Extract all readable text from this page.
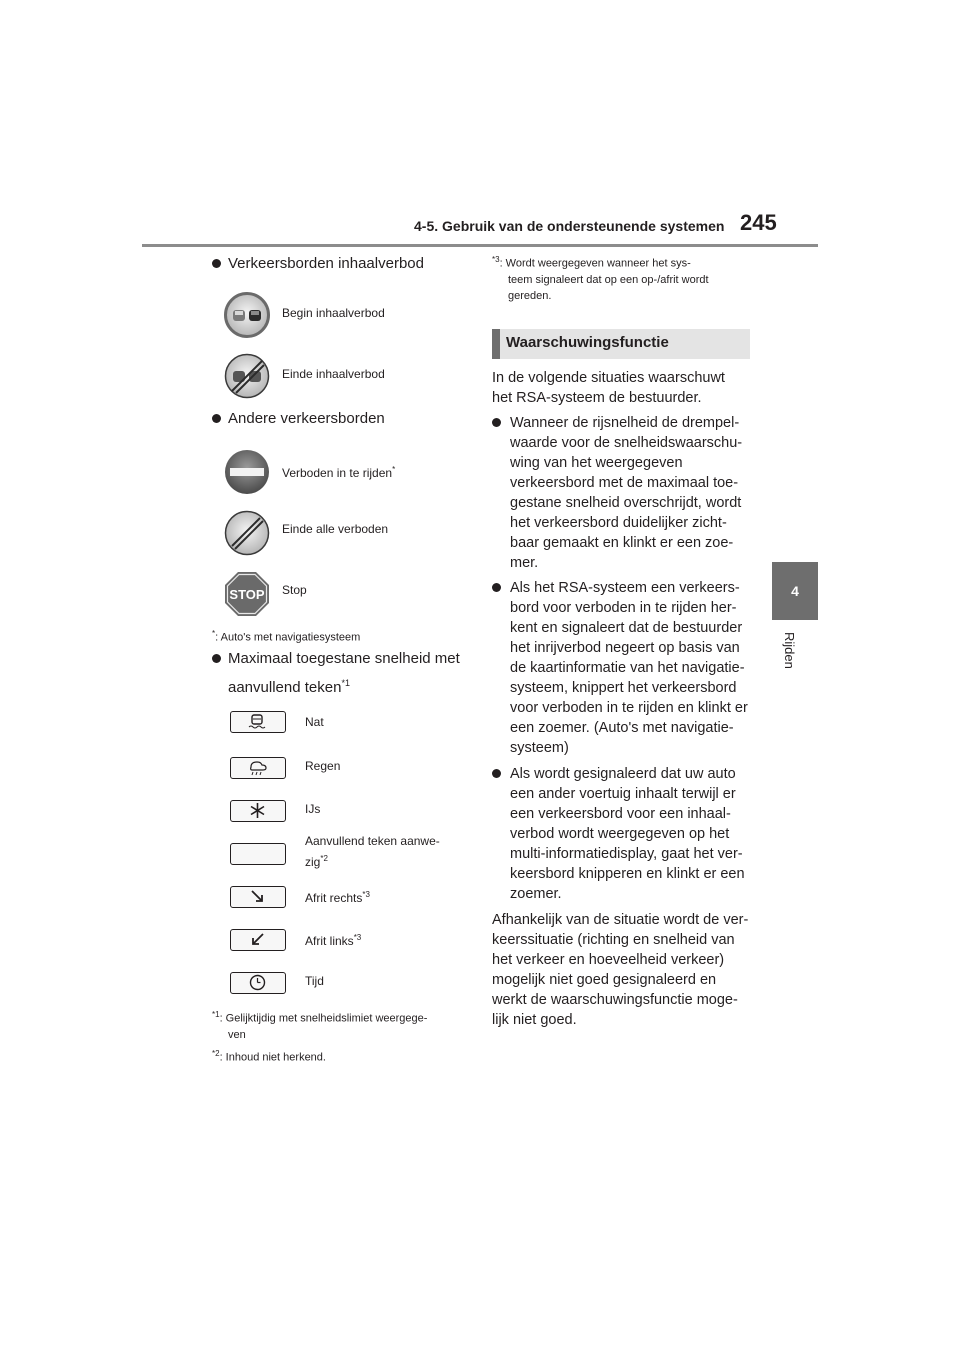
4-5. Gebruik van de ondersteunende systemen 245
4
Rijden
Verkeersborden inhaalverbod
Begin inhaalverbod
Einde inhaalverbod
Andere verkeersborden
Verboden in te rijden*
Einde alle verboden
STOP Stop
*: Auto's met navigatiesysteem
Maximaal toegestane snelheid met
aanvullend teken$^{*1}$
Nat
Regen
IJs
Aanvullend teken aanwe-
zig$^{*2}$
Afrit rechts$^{*3}$
Afrit links$^{*3}$
Tijd
$^{*1}$: Gelijktijdig met snelheidslimiet weergege-
ven
$^{*2}$: Inhoud niet herkend.
$^{*3}$: Wordt weergegeven wanneer het sys-
teem signaleert dat op een op-/afrit wordt
gereden.
Waarschuwingsfunctie
In de volgende situaties waarschuwt
het RSA-systeem de bestuurder.
Wanneer de rijsnelheid de drempel-
waarde voor de snelheidswaarschu-
wing van het weergegeven
verkeersbord met de maximaal toe-
gestane snelheid overschrijdt, wordt
het verkeersbord duidelijker zicht-
baar gemaakt en klinkt er een zoe-
mer.
Als het RSA-systeem een verkeers-
bord voor verboden in te rijden her-
kent en signaleert dat de bestuurder
het inrijverbod negeert op basis van
de kaartinformatie van het navigatie-
systeem, knippert het verkeersbord
voor verboden in te rijden en klinkt er
een zoemer. (Auto's met navigatie-
systeem)
Als wordt gesignaleerd dat uw auto
een ander voertuig inhaalt terwijl er
een verkeersbord voor een inhaal-
verbod wordt weergegeven op het
multi-informatiedisplay, gaat het ver-
keersbord knipperen en klinkt er een
zoemer.
Afhankelijk van de situatie wordt de ver-
keerssituatie (richting en snelheid van
het verkeer en hoeveelheid verkeer)
mogelijk niet goed gesignaleerd en
werkt de waarschuwingsfunctie moge-
lijk niet goed.
